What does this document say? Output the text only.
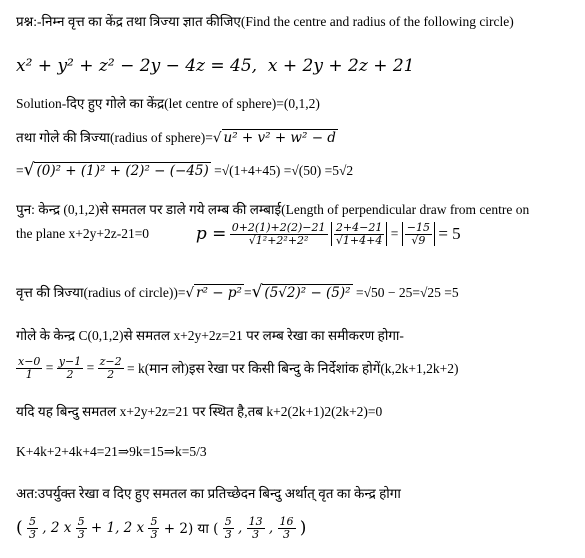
प्रश्न:-निम्न वृत्त का केंद्र तथा त्रिज्या ज्ञात कीजिए(Find the centre and radius of the following circle)
x² + y² + z² − 2y − 4z = 45, x + 2y + 2z + 21
Solution-दिए हुए गोले का केंद्र(let centre of sphere)=(0,1,2)
तथा गोले की त्रिज्या(radius of sphere)=√ u² + v² + w² − d
=√ (0)² + (1)² + (2)² − (−45) =√(1+4+45) =√(50) =5√2
पुन: केन्द्र (0,1,2)से समतल पर डाले गये लम्ब की लम्बाई(Length of perpendicular draw from centre on
the plane x+2y+2z-21=0	$p = \frac{0+2(1)+2(2)-21}{\text{√1²+2²+2²}}$
$\frac{2+4-21}{√1+4+4} = \frac{-15}{√9} = 5$
वृत्त की त्रिज्या(radius of circle))=√ r² − p² =√ (5√2)² − (5)² =√50 − 25=√25 =5
गोले के केन्द्र C(0,1,2)से समतल x+2y+2z=21 पर लम्ब रेखा का समीकरण होगा-
$\frac{x-0}{1} = \frac{y-1}{2} = \frac{z-2}{2}$ = k(मान लो)इस रेखा पर किसी बिन्दु के निर्देशांक होगें(k,2k+1,2k+2)
यदि यह बिन्दु समतल x+2y+2z=21 पर स्थित है,तब k+2(2k+1)2(2k+2)=0
K+4k+2+4k+4=21⇒9k=15⇒k=5/3
अत:उपर्युक्त रेखा व दिए हुए समतल का प्रतिच्छेदन बिन्दु अर्थात् वृत का केन्द्र होगा
( $\frac{5}{3}$ , 2 x $\frac{5}{3} + 1$, 2 x $\frac{5}{3} + 2$) या ( $\frac{5}{3}$ , $\frac{13}{3}$ , $\frac{16}{3}$ )
